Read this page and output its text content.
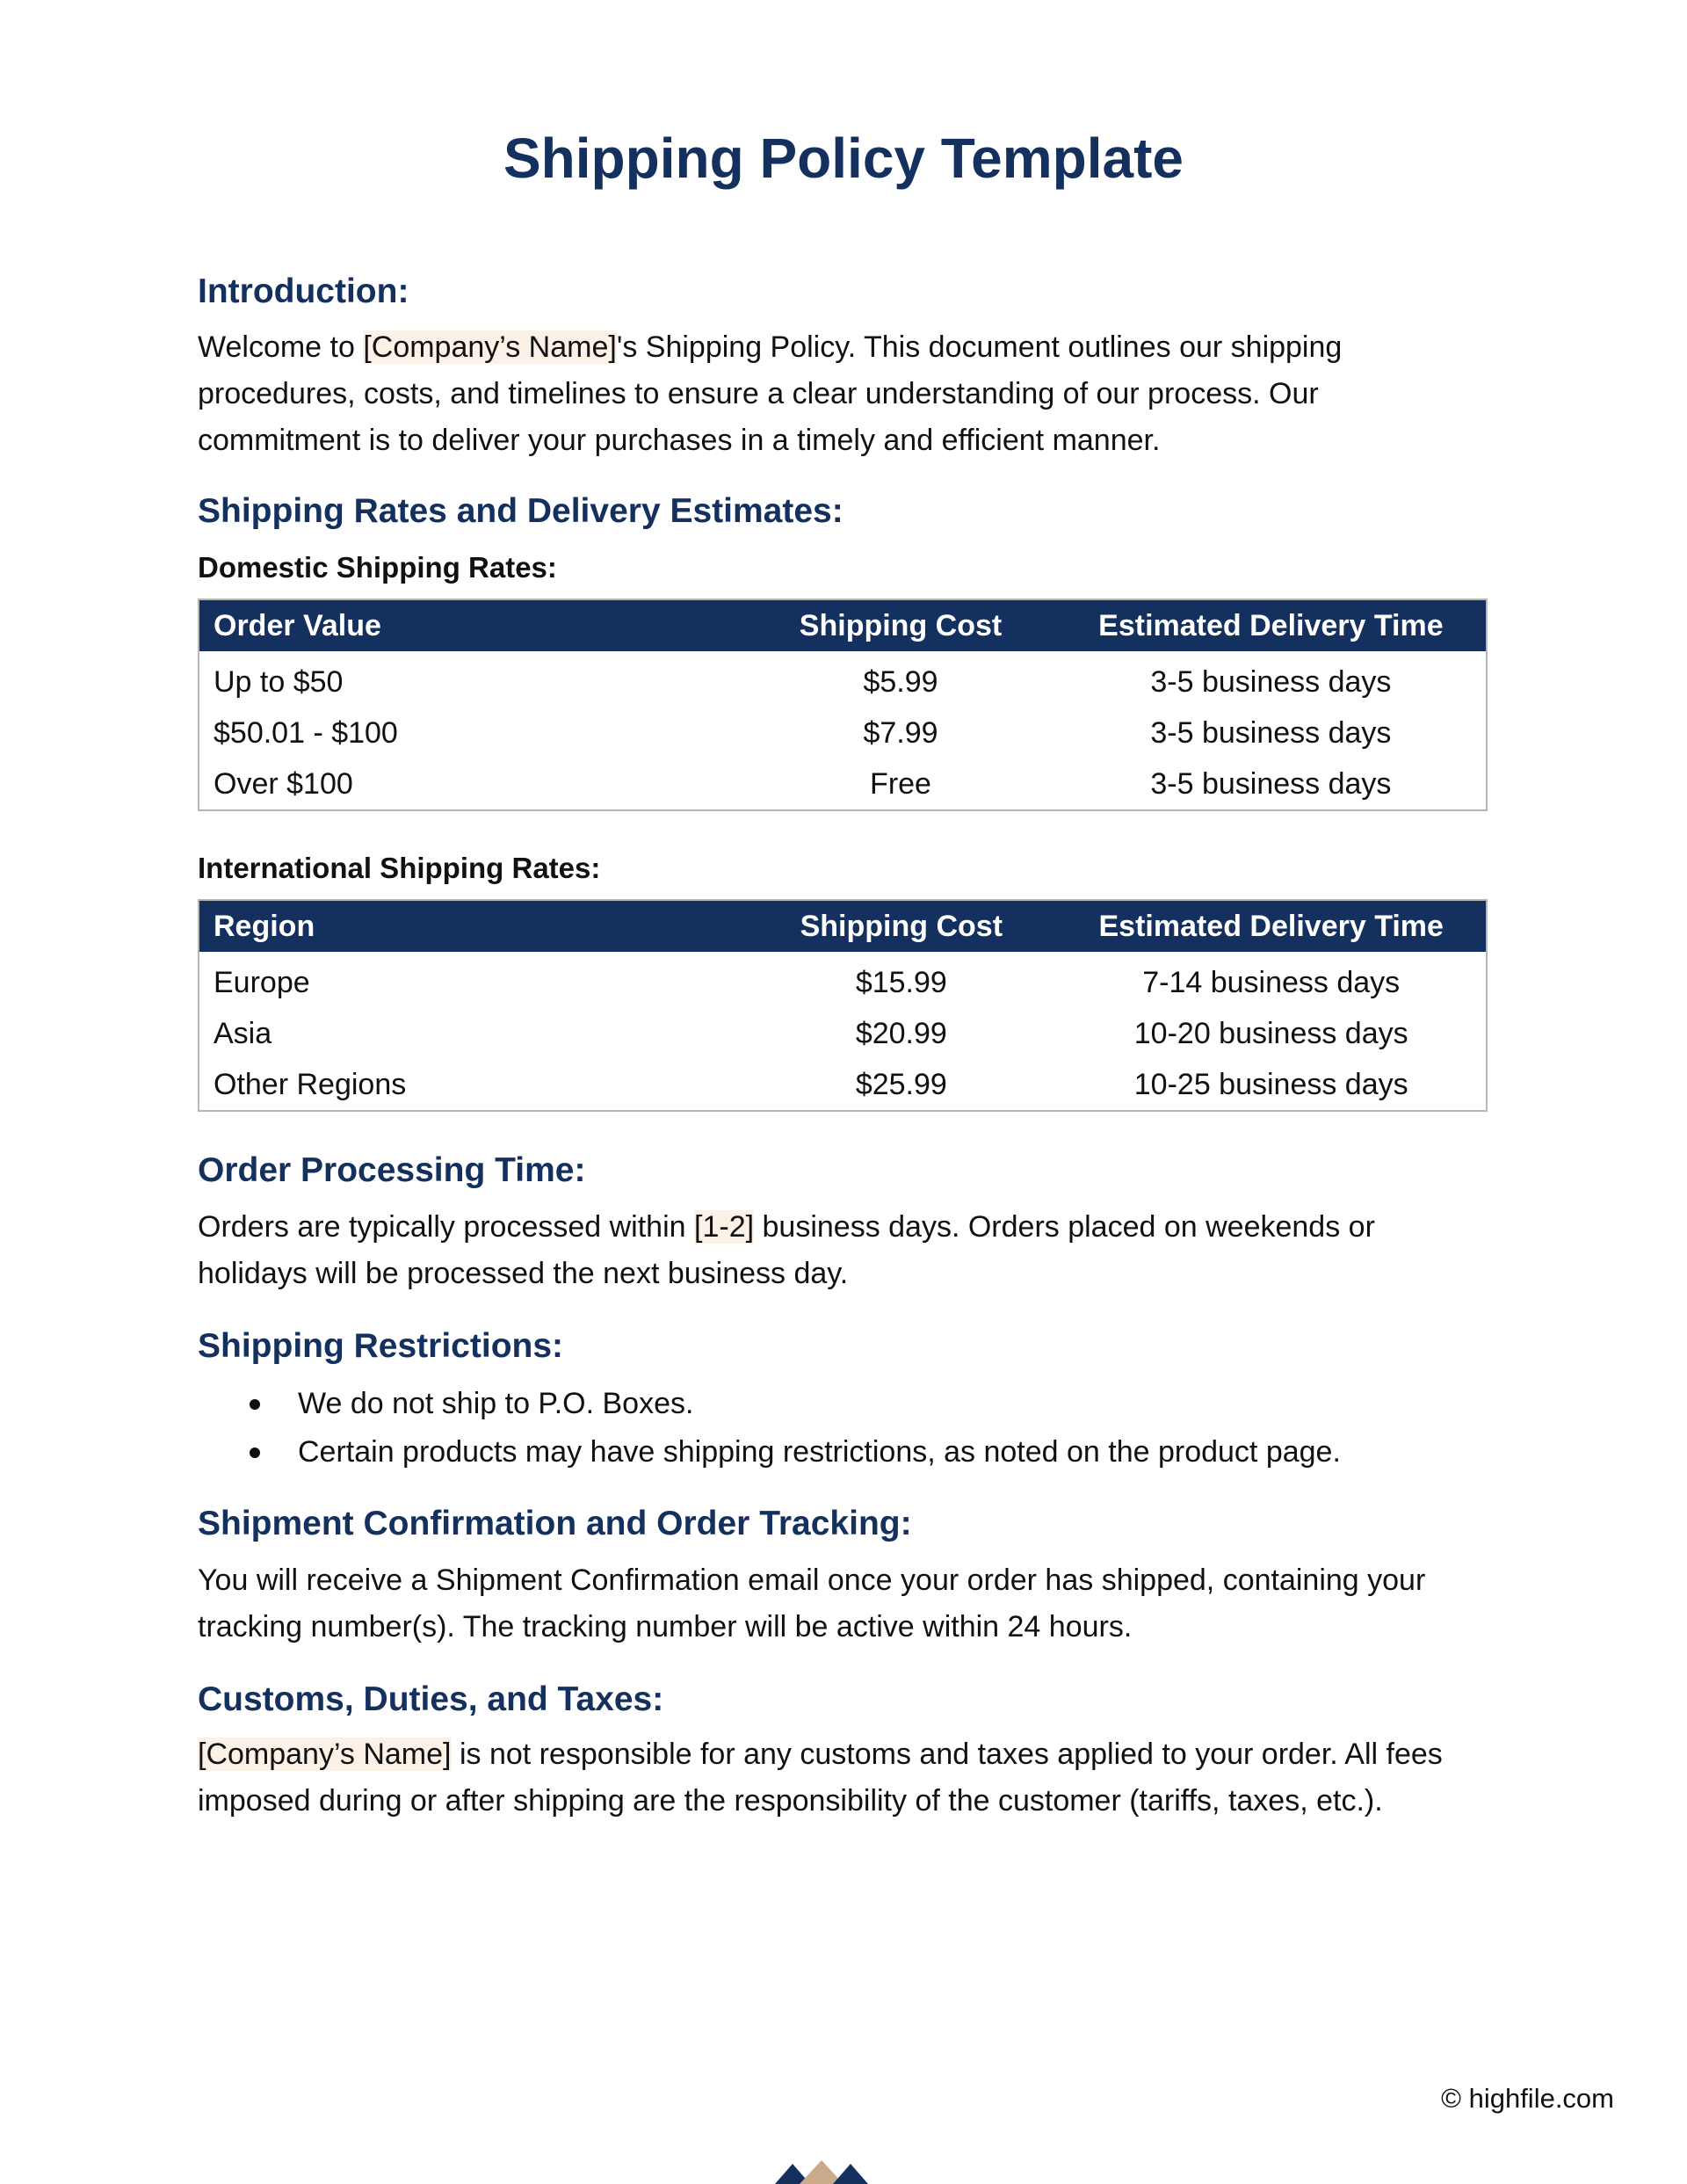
Shipping Policy Template
Introduction:

Welcome to [Company’s Name]'s Shipping Policy. This document outlines our shipping procedures, costs, and timelines to ensure a clear understanding of our process. Our commitment is to deliver your purchases in a timely and efficient manner.

Shipping Rates and Delivery Estimates:
Domestic Shipping Rates:
Order Value	Shipping Cost	Estimated Delivery Time
Up to $50	$5.99	3-5 business days
$50.01 - $100	$7.99	3-5 business days
Over $100	Free	3-5 business days
International Shipping Rates:
Region	Shipping Cost	Estimated Delivery Time
Europe	$15.99	7-14 business days
Asia	$20.99	10-20 business days
Other Regions	$25.99	10-25 business days
Order Processing Time:

Orders are typically processed within [1-2] business days. Orders placed on weekends or holidays will be processed the next business day.

Shipping Restrictions:
We do not ship to P.O. Boxes.
Certain products may have shipping restrictions, as noted on the product page.
Shipment Confirmation and Order Tracking:

You will receive a Shipment Confirmation email once your order has shipped, containing your tracking number(s). The tracking number will be active within 24 hours.

Customs, Duties, and Taxes:

[Company’s Name] is not responsible for any customs and taxes applied to your order. All fees imposed during or after shipping are the responsibility of the customer (tariffs, taxes, etc.).

© highfile.com
